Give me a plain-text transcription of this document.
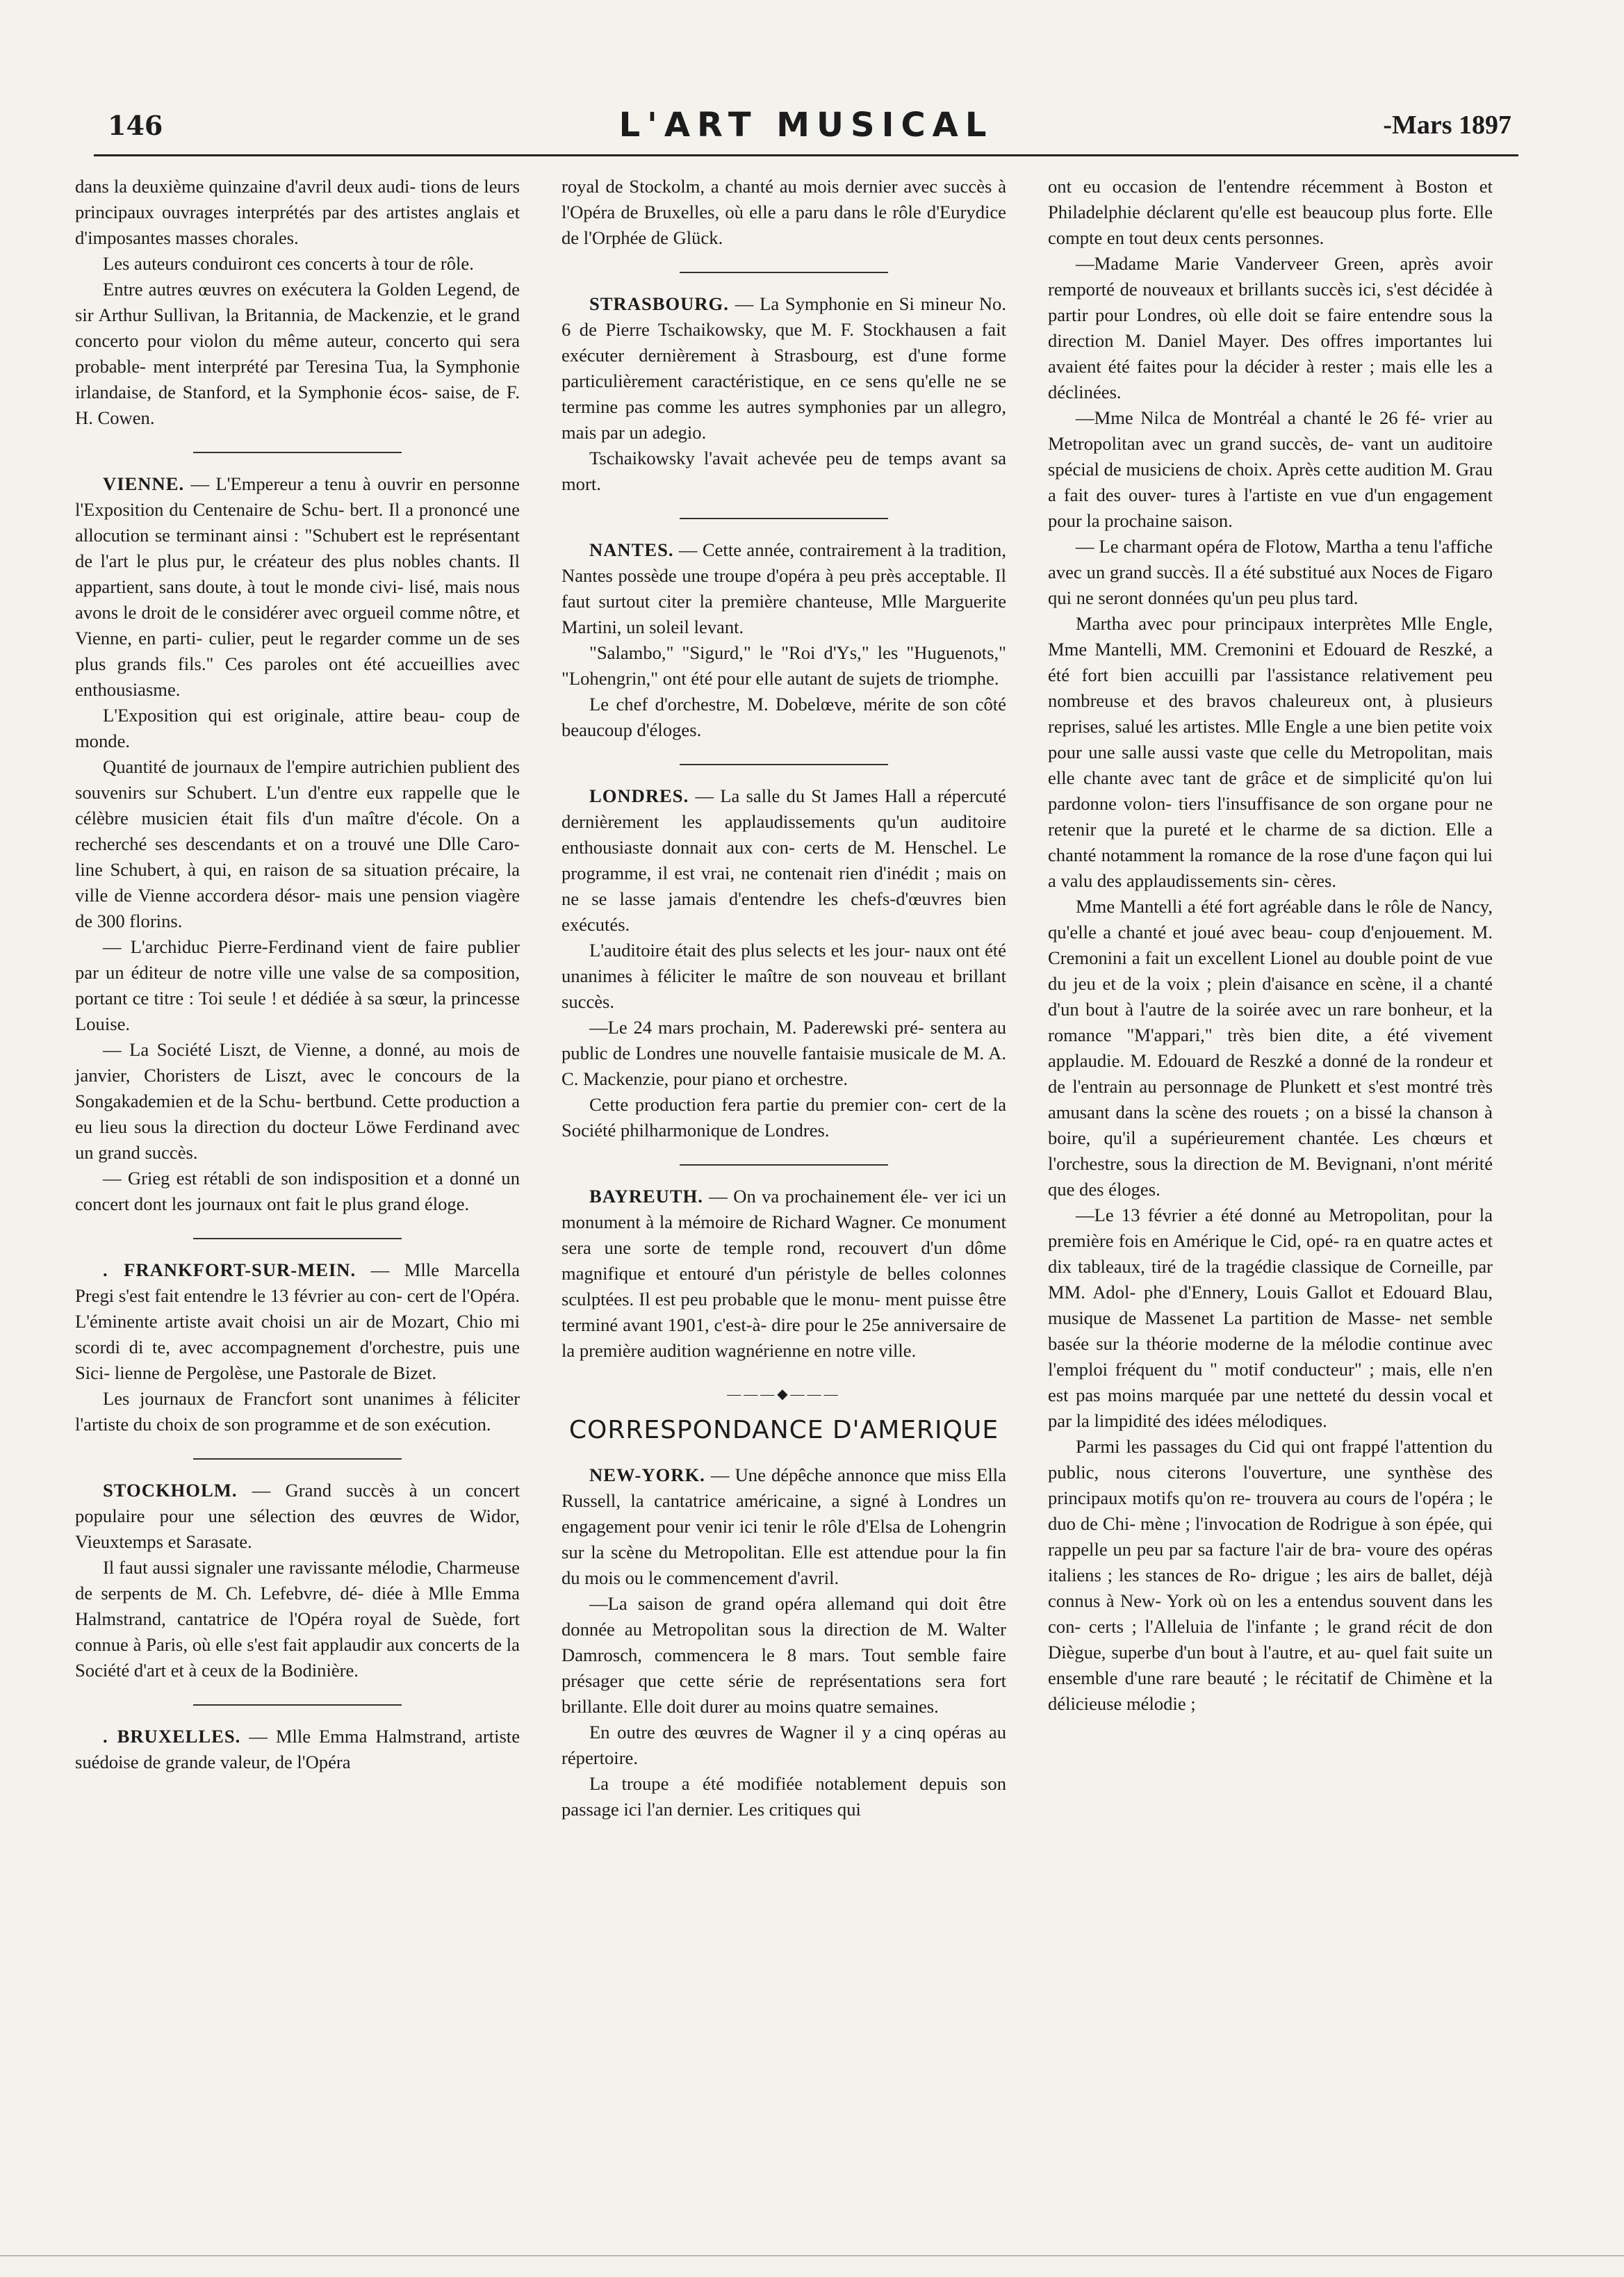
146	L'ART MUSICAL	-Mars 1897

dans la deuxième quinzaine d'avril deux audi- tions de leurs principaux ouvrages interprétés par des artistes anglais et d'imposantes masses chorales.

Les auteurs conduiront ces concerts à tour de rôle.

Entre autres œuvres on exécutera la Golden Legend, de sir Arthur Sullivan, la Britannia, de Mackenzie, et le grand concerto pour violon du même auteur, concerto qui sera probable- ment interprété par Teresina Tua, la Symphonie irlandaise, de Stanford, et la Symphonie écos- saise, de F. H. Cowen.

VIENNE. — L'Empereur a tenu à ouvrir en personne l'Exposition du Centenaire de Schu- bert. Il a prononcé une allocution se terminant ainsi : "Schubert est le représentant de l'art le plus pur, le créateur des plus nobles chants. Il appartient, sans doute, à tout le monde civi- lisé, mais nous avons le droit de le considérer avec orgueil comme nôtre, et Vienne, en parti- culier, peut le regarder comme un de ses plus grands fils." Ces paroles ont été accueillies avec enthousiasme.

L'Exposition qui est originale, attire beau- coup de monde.

Quantité de journaux de l'empire autrichien publient des souvenirs sur Schubert. L'un d'entre eux rappelle que le célèbre musicien était fils d'un maître d'école. On a recherché ses descendants et on a trouvé une Dlle Caro- line Schubert, à qui, en raison de sa situation précaire, la ville de Vienne accordera désor- mais une pension viagère de 300 florins.

— L'archiduc Pierre-Ferdinand vient de faire publier par un éditeur de notre ville une valse de sa composition, portant ce titre : Toi seule ! et dédiée à sa sœur, la princesse Louise.

— La Société Liszt, de Vienne, a donné, au mois de janvier, Choristers de Liszt, avec le concours de la Songakademien et de la Schu- bertbund. Cette production a eu lieu sous la direction du docteur Löwe Ferdinand avec un grand succès.

— Grieg est rétabli de son indisposition et a donné un concert dont les journaux ont fait le plus grand éloge.

. FRANKFORT-SUR-MEIN. — Mlle Marcella Pregi s'est fait entendre le 13 février au con- cert de l'Opéra. L'éminente artiste avait choisi un air de Mozart, Chio mi scordi di te, avec accompagnement d'orchestre, puis une Sici- lienne de Pergolèse, une Pastorale de Bizet.

Les journaux de Francfort sont unanimes à féliciter l'artiste du choix de son programme et de son exécution.

STOCKHOLM. — Grand succès à un concert populaire pour une sélection des œuvres de Widor, Vieuxtemps et Sarasate.

Il faut aussi signaler une ravissante mélodie, Charmeuse de serpents de M. Ch. Lefebvre, dé- diée à Mlle Emma Halmstrand, cantatrice de l'Opéra royal de Suède, fort connue à Paris, où elle s'est fait applaudir aux concerts de la Société d'art et à ceux de la Bodinière.

. BRUXELLES. — Mlle Emma Halmstrand, artiste suédoise de grande valeur, de l'Opéra

royal de Stockolm, a chanté au mois dernier avec succès à l'Opéra de Bruxelles, où elle a paru dans le rôle d'Eurydice de l'Orphée de Glück.

STRASBOURG. — La Symphonie en Si mineur No. 6 de Pierre Tschaikowsky, que M. F. Stockhausen a fait exécuter dernièrement à Strasbourg, est d'une forme particulièrement caractéristique, en ce sens qu'elle ne se termine pas comme les autres symphonies par un allegro, mais par un adegio.

Tschaikowsky l'avait achevée peu de temps avant sa mort.

NANTES. — Cette année, contrairement à la tradition, Nantes possède une troupe d'opéra à peu près acceptable. Il faut surtout citer la première chanteuse, Mlle Marguerite Martini, un soleil levant.

"Salambo," "Sigurd," le "Roi d'Ys," les "Huguenots," "Lohengrin," ont été pour elle autant de sujets de triomphe.

Le chef d'orchestre, M. Dobelœve, mérite de son côté beaucoup d'éloges.

LONDRES. — La salle du St James Hall a répercuté dernièrement les applaudissements qu'un auditoire enthousiaste donnait aux con- certs de M. Henschel. Le programme, il est vrai, ne contenait rien d'inédit ; mais on ne se lasse jamais d'entendre les chefs-d'œuvres bien exécutés.

L'auditoire était des plus selects et les jour- naux ont été unanimes à féliciter le maître de son nouveau et brillant succès.

—Le 24 mars prochain, M. Paderewski pré- sentera au public de Londres une nouvelle fantaisie musicale de M. A. C. Mackenzie, pour piano et orchestre.

Cette production fera partie du premier con- cert de la Société philharmonique de Londres.

BAYREUTH. — On va prochainement éle- ver ici un monument à la mémoire de Richard Wagner. Ce monument sera une sorte de temple rond, recouvert d'un dôme magnifique et entouré d'un péristyle de belles colonnes sculptées. Il est peu probable que le monu- ment puisse être terminé avant 1901, c'est-à- dire pour le 25e anniversaire de la première audition wagnérienne en notre ville.

———◆———
CORRESPONDANCE D'AMERIQUE

NEW-YORK. — Une dépêche annonce que miss Ella Russell, la cantatrice américaine, a signé à Londres un engagement pour venir ici tenir le rôle d'Elsa de Lohengrin sur la scène du Metropolitan. Elle est attendue pour la fin du mois ou le commencement d'avril.

—La saison de grand opéra allemand qui doit être donnée au Metropolitan sous la direction de M. Walter Damrosch, commencera le 8 mars. Tout semble faire présager que cette série de représentations sera fort brillante. Elle doit durer au moins quatre semaines.

En outre des œuvres de Wagner il y a cinq opéras au répertoire.

La troupe a été modifiée notablement depuis son passage ici l'an dernier. Les critiques qui

ont eu occasion de l'entendre récemment à Boston et Philadelphie déclarent qu'elle est beaucoup plus forte. Elle compte en tout deux cents personnes.

—Madame Marie Vanderveer Green, après avoir remporté de nouveaux et brillants succès ici, s'est décidée à partir pour Londres, où elle doit se faire entendre sous la direction M. Daniel Mayer. Des offres importantes lui avaient été faites pour la décider à rester ; mais elle les a déclinées.

—Mme Nilca de Montréal a chanté le 26 fé- vrier au Metropolitan avec un grand succès, de- vant un auditoire spécial de musiciens de choix. Après cette audition M. Grau a fait des ouver- tures à l'artiste en vue d'un engagement pour la prochaine saison.

— Le charmant opéra de Flotow, Martha a tenu l'affiche avec un grand succès. Il a été substitué aux Noces de Figaro qui ne seront données qu'un peu plus tard.

Martha avec pour principaux interprètes Mlle Engle, Mme Mantelli, MM. Cremonini et Edouard de Reszké, a été fort bien accuilli par l'assistance relativement peu nombreuse et des bravos chaleureux ont, à plusieurs reprises, salué les artistes. Mlle Engle a une bien petite voix pour une salle aussi vaste que celle du Metropolitan, mais elle chante avec tant de grâce et de simplicité qu'on lui pardonne volon- tiers l'insuffisance de son organe pour ne retenir que la pureté et le charme de sa diction. Elle a chanté notamment la romance de la rose d'une façon qui lui a valu des applaudissements sin- cères.

Mme Mantelli a été fort agréable dans le rôle de Nancy, qu'elle a chanté et joué avec beau- coup d'enjouement. M. Cremonini a fait un excellent Lionel au double point de vue du jeu et de la voix ; plein d'aisance en scène, il a chanté d'un bout à l'autre de la soirée avec un rare bonheur, et la romance "M'appari," très bien dite, a été vivement applaudie. M. Edouard de Reszké a donné de la rondeur et de l'entrain au personnage de Plunkett et s'est montré très amusant dans la scène des rouets ; on a bissé la chanson à boire, qu'il a supérieurement chantée. Les chœurs et l'orchestre, sous la direction de M. Bevignani, n'ont mérité que des éloges.

—Le 13 février a été donné au Metropolitan, pour la première fois en Amérique le Cid, opé- ra en quatre actes et dix tableaux, tiré de la tragédie classique de Corneille, par MM. Adol- phe d'Ennery, Louis Gallot et Edouard Blau, musique de Massenet La partition de Masse- net semble basée sur la théorie moderne de la mélodie continue avec l'emploi fréquent du " motif conducteur" ; mais, elle n'en est pas moins marquée par une netteté du dessin vocal et par la limpidité des idées mélodiques.

Parmi les passages du Cid qui ont frappé l'attention du public, nous citerons l'ouverture, une synthèse des principaux motifs qu'on re- trouvera au cours de l'opéra ; le duo de Chi- mène ; l'invocation de Rodrigue à son épée, qui rappelle un peu par sa facture l'air de bra- voure des opéras italiens ; les stances de Ro- drigue ; les airs de ballet, déjà connus à New- York où on les a entendus souvent dans les con- certs ; l'Alleluia de l'infante ; le grand récit de don Diègue, superbe d'un bout à l'autre, et au- quel fait suite un ensemble d'une rare beauté ; le récitatif de Chimène et la délicieuse mélodie ;
